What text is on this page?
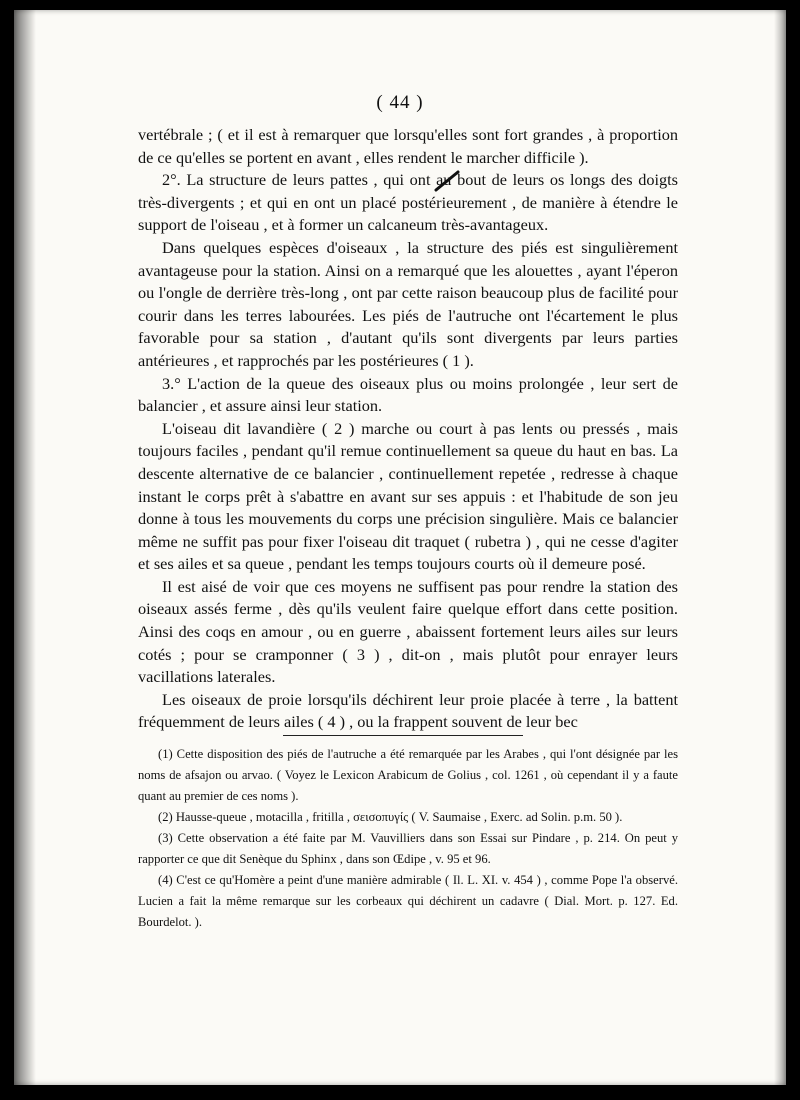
( 44 )

vertébrale ; ( et il est à remarquer que lorsqu'elles sont fort grandes , à proportion de ce qu'elles se portent en avant , elles rendent le marcher difficile ).

2°. La structure de leurs pattes , qui ont au bout de leurs os longs des doigts très-divergents ; et qui en ont un placé postérieurement , de manière à étendre le support de l'oiseau , et à former un calcaneum très-avantageux.

Dans quelques espèces d'oiseaux , la structure des piés est singulièrement avantageuse pour la station. Ainsi on a remarqué que les alouettes , ayant l'éperon ou l'ongle de derrière très-long , ont par cette raison beaucoup plus de facilité pour courir dans les terres labourées. Les piés de l'autruche ont l'écartement le plus favorable pour sa station , d'autant qu'ils sont divergents par leurs parties antérieures , et rapprochés par les postérieures ( 1 ).

3.° L'action de la queue des oiseaux plus ou moins prolongée , leur sert de balancier , et assure ainsi leur station.

L'oiseau dit lavandière ( 2 ) marche ou court à pas lents ou pressés , mais toujours faciles , pendant qu'il remue continuellement sa queue du haut en bas. La descente alternative de ce balancier , continuellement repetée , redresse à chaque instant le corps prêt à s'abattre en avant sur ses appuis : et l'habitude de son jeu donne à tous les mouvements du corps une précision singulière. Mais ce balancier même ne suffit pas pour fixer l'oiseau dit traquet ( rubetra ) , qui ne cesse d'agiter et ses ailes et sa queue , pendant les temps toujours courts où il demeure posé.

Il est aisé de voir que ces moyens ne suffisent pas pour rendre la station des oiseaux assés ferme , dès qu'ils veulent faire quelque effort dans cette position. Ainsi des coqs en amour , ou en guerre , abaissent fortement leurs ailes sur leurs cotés ; pour se cramponner ( 3 ) , dit-on , mais plutôt pour enrayer leurs vacillations laterales.

Les oiseaux de proie lorsqu'ils déchirent leur proie placée à terre , la battent fréquemment de leurs ailes ( 4 ) , ou la frappent souvent de leur bec

(1) Cette disposition des piés de l'autruche a été remarquée par les Arabes , qui l'ont désignée par les noms de afsajon ou arvao. ( Voyez le Lexicon Arabicum de Golius , col. 1261 , où cependant il y a faute quant au premier de ces noms ).

(2) Hausse-queue , motacilla , fritilla , σεισοπυγίς ( V. Saumaise , Exerc. ad Solin. p.m. 50 ).

(3) Cette observation a été faite par M. Vauvilliers dans son Essai sur Pindare , p. 214. On peut y rapporter ce que dit Senèque du Sphinx , dans son Œdipe , v. 95 et 96.

(4) C'est ce qu'Homère a peint d'une manière admirable ( Il. L. XI. v. 454 ) , comme Pope l'a observé. Lucien a fait la même remarque sur les corbeaux qui déchirent un cadavre ( Dial. Mort. p. 127. Ed. Bourdelot. ).
